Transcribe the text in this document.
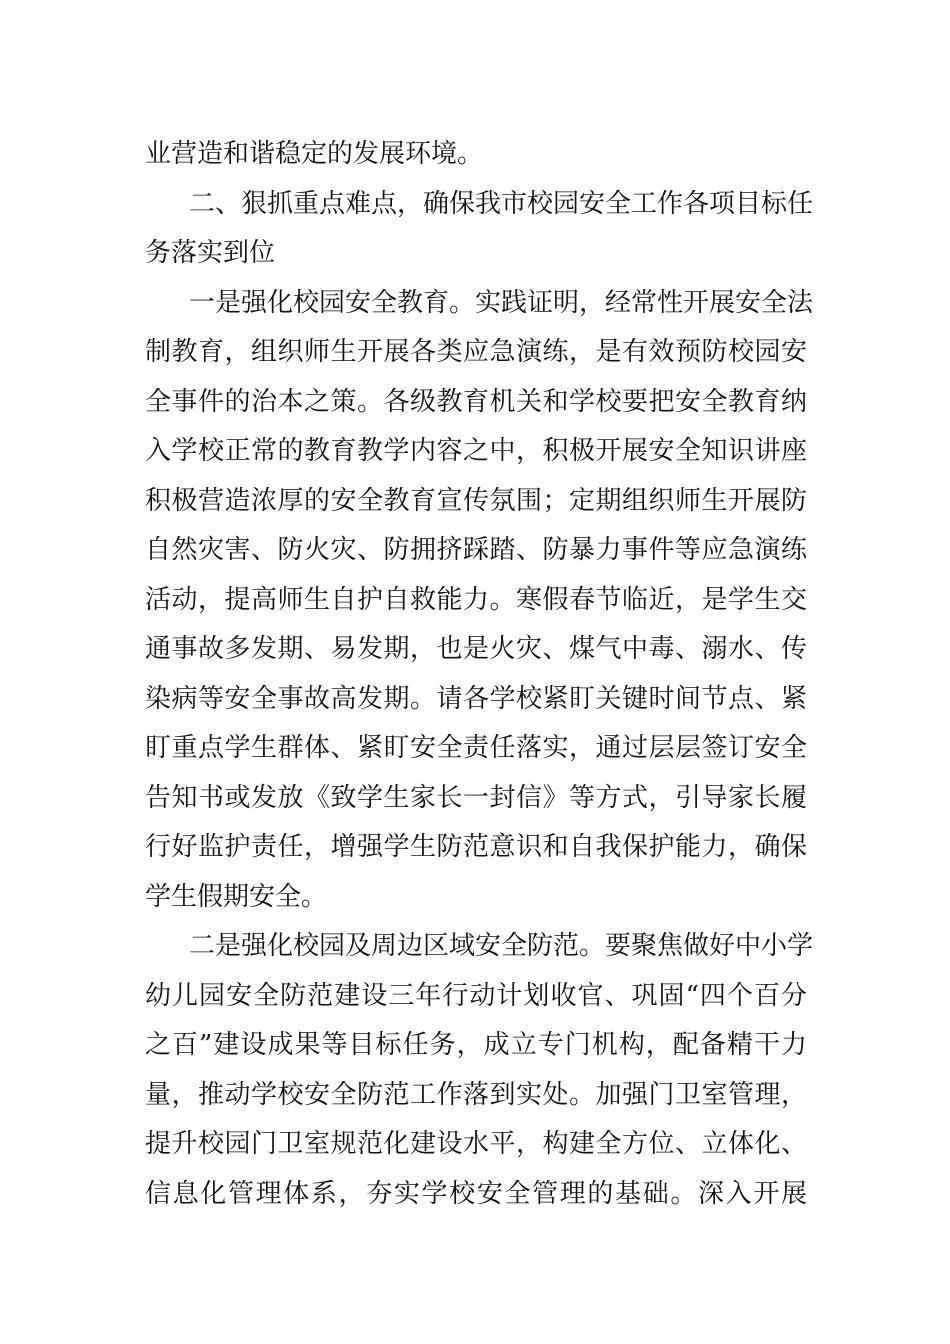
业营造和谐稳定的发展环境。
二、狠抓重点难点，确保我市校园安全工作各项目标任
务落实到位
一是强化校园安全教育。实践证明，经常性开展安全法
制教育，组织师生开展各类应急演练，是有效预防校园安
全事件的治本之策。各级教育机关和学校要把安全教育纳
入学校正常的教育教学内容之中，积极开展安全知识讲座
积极营造浓厚的安全教育宣传氛围；定期组织师生开展防
自然灾害、防火灾、防拥挤踩踏、防暴力事件等应急演练
活动，提高师生自护自救能力。寒假春节临近，是学生交
通事故多发期、易发期，也是火灾、煤气中毒、溺水、传
染病等安全事故高发期。请各学校紧盯关键时间节点、紧
盯重点学生群体、紧盯安全责任落实，通过层层签订安全
告知书或发放《致学生家长一封信》等方式，引导家长履
行好监护责任，增强学生防范意识和自我保护能力，确保
学生假期安全。
二是强化校园及周边区域安全防范。要聚焦做好中小学
幼儿园安全防范建设三年行动计划收官、巩固“四个百分
之百”建设成果等目标任务，成立专门机构，配备精干力
量，推动学校安全防范工作落到实处。加强门卫室管理，
提升校园门卫室规范化建设水平，构建全方位、立体化、
信息化管理体系，夯实学校安全管理的基础。深入开展
